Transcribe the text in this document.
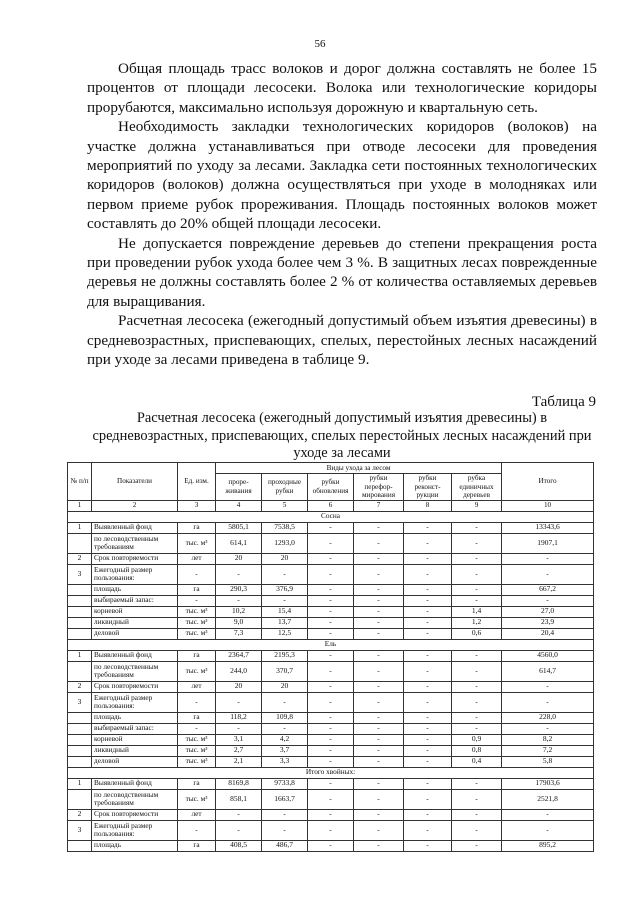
56

Общая площадь трасс волоков и дорог должна составлять не более 15 процентов от площади лесосеки. Волока или технологические коридоры прорубаются, максимально используя дорожную и квартальную сеть.

Необходимость закладки технологических коридоров (волоков) на участке должна устанавливаться при отводе лесосеки для проведения мероприятий по уходу за лесами. Закладка сети постоянных технологических коридоров (волоков) должна осуществляться при уходе в молодняках или первом приеме рубок прореживания. Площадь постоянных волоков может составлять до 20% общей площади лесосеки.

Не допускается повреждение деревьев до степени прекращения роста при проведении рубок ухода более чем 3 %. В защитных лесах поврежденные деревья не должны составлять более 2 % от количества оставляемых деревьев для выращивания.

Расчетная лесосека (ежегодный допустимый объем изъятия древесины) в средневозрастных, приспевающих, спелых, перестойных лесных насаждений при уходе за лесами приведена в таблице 9.

Таблица 9
Расчетная лесосека (ежегодный допустимый изъятия древесины) в средневозрастных, приспевающих, спелых перестойных лесных насаждений при уходе за лесами
№ п/п	Показатели	Ед. изм.	Виды ухода за лесом						Итого
			проре-живания	проходные рубки	рубки обновления	рубки перефор-мирования	рубки реконст-рукции	рубка единичных деревьев	
1	2	3	4	5	6	7	8	9	10
Сосна									
1	Выявленный фонд	га	5805,1	7538,5	-	-	-	-	13343,6
	по лесоводственным требованиям	тыс. м³	614,1	1293,0	-	-	-	-	1907,1
2	Срок повторяемости	лет	20	20	-	-	-	-	-
3	Ежегодный размер пользования:	-	-	-	-	-	-	-	-
	площадь	га	290,3	376,9	-	-	-	-	667,2
	выбираемый запас:	-	-	-	-	-	-	-	-
	корневой	тыс. м³	10,2	15,4	-	-	-	1,4	27,0
	ликвидный	тыс. м³	9,0	13,7	-	-	-	1,2	23,9
	деловой	тыс. м³	7,3	12,5	-	-	-	0,6	20,4
Ель									
1	Выявленный фонд	га	2364,7	2195,3	-	-	-	-	4560,0
	по лесоводственным требованиям	тыс. м³	244,0	370,7	-	-	-	-	614,7
2	Срок повторяемости	лет	20	20	-	-	-	-	-
3	Ежегодный размер пользования:	-	-	-	-	-	-	-	-
	площадь	га	118,2	109,8	-	-	-	-	228,0
	выбираемый запас:	-	-	-	-	-	-	-	-
	корневой	тыс. м³	3,1	4,2	-	-	-	0,9	8,2
	ликвидный	тыс. м³	2,7	3,7	-	-	-	0,8	7,2
	деловой	тыс. м³	2,1	3,3	-	-	-	0,4	5,8
Итого хвойных:									
1	Выявленный фонд	га	8169,8	9733,8	-	-	-	-	17903,6
	по лесоводственным требованиям	тыс. м³	858,1	1663,7	-	-	-	-	2521,8
2	Срок повторяемости	лет	-	-	-	-	-	-	-
3	Ежегодный размер пользования:	-	-	-	-	-	-	-	-
	площадь	га	408,5	486,7	-	-	-	-	895,2
